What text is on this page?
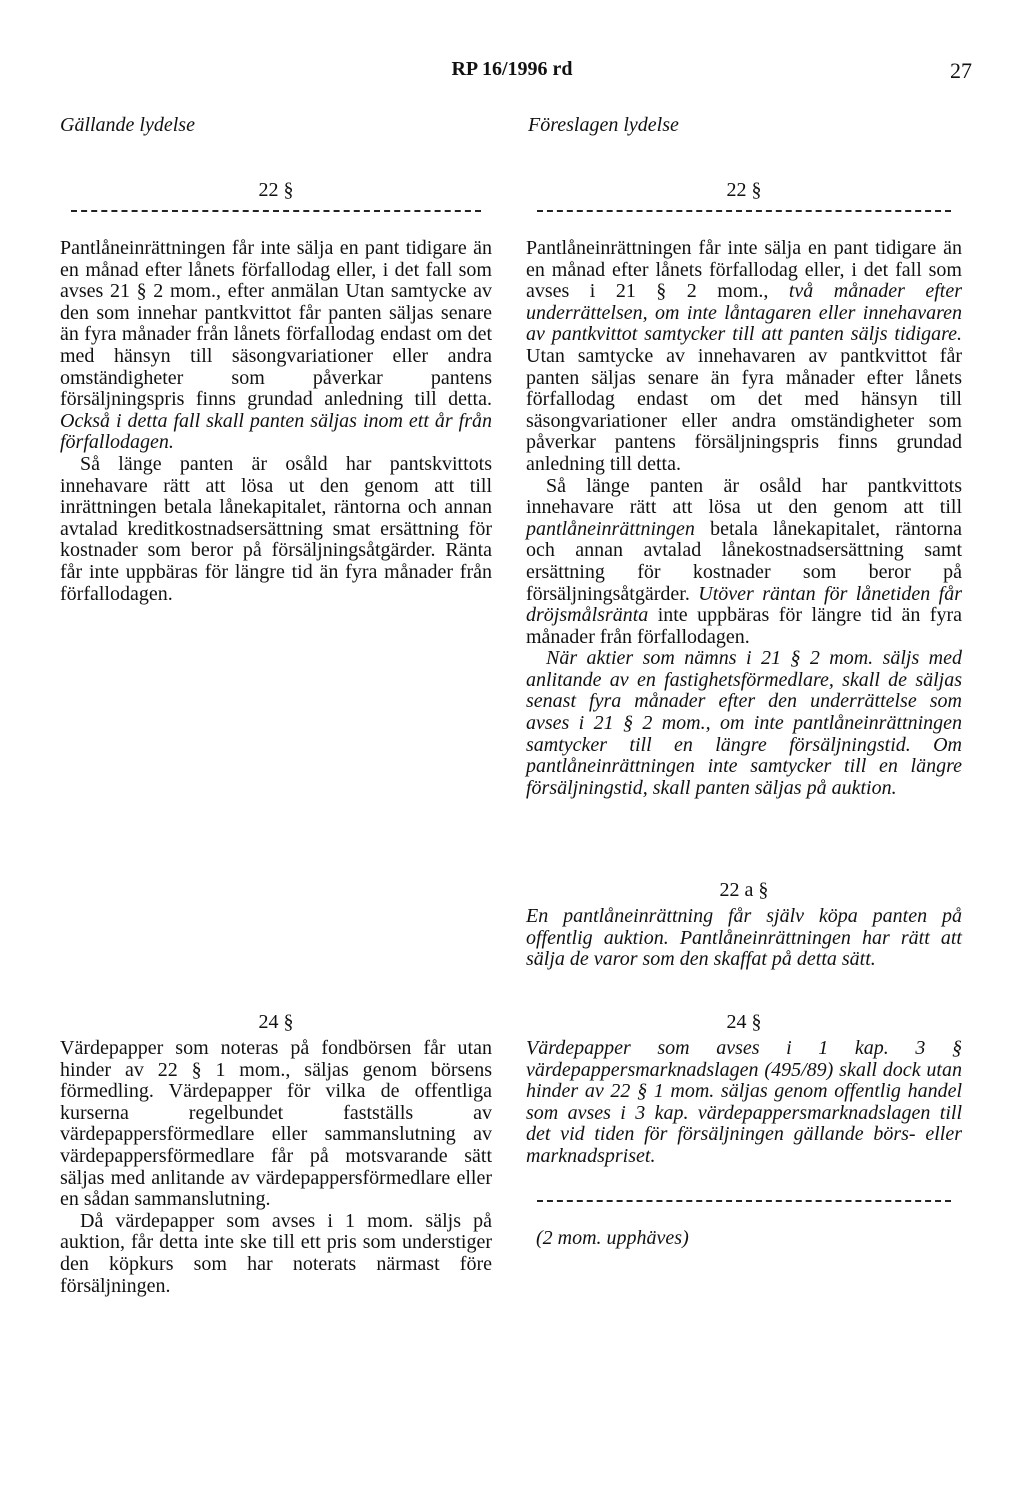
RP 16/1996 rd	27
Gällande lydelse	Föreslagen lydelse
22 §

Pantlåneinrättningen får inte sälja en pant tidigare än en månad efter lånets förfallodag eller, i det fall som avses 21 § 2 mom., efter anmälan Utan samtycke av den som innehar pantkvittot får panten säljas senare än fyra månader från lånets förfallodag endast om det med hänsyn till säsongvariationer eller andra omständigheter som påverkar pantens försäljningspris finns grundad anledning till detta. Också i detta fall skall panten säljas inom ett år från förfallodagen.

Så länge panten är osåld har pantskvittots innehavare rätt att lösa ut den genom att till inrättningen betala lånekapitalet, räntorna och annan avtalad kreditkostnadsersättning smat ersättning för kostnader som beror på försäljningsåtgärder. Ränta får inte uppbäras för längre tid än fyra månader från förfallodagen.

24 §

Värdepapper som noteras på fondbörsen får utan hinder av 22 § 1 mom., säljas genom börsens förmedling. Värdepapper för vilka de offentliga kurserna regelbundet fastställs av värdepappersförmedlare eller sammanslutning av värdepappersförmedlare får på motsvarande sätt säljas med anlitande av värdepappersförmedlare eller en sådan sammanslutning.

Då värdepapper som avses i 1 mom. säljs på auktion, får detta inte ske till ett pris som understiger den köpkurs som har noterats närmast före försäljningen.

22 §

Pantlåneinrättningen får inte sälja en pant tidigare än en månad efter lånets förfallodag eller, i det fall som avses i 21 § 2 mom., två månader efter underrättelsen, om inte låntagaren eller innehavaren av pantkvittot samtycker till att panten säljs tidigare. Utan samtycke av innehavaren av pantkvittot får panten säljas senare än fyra månader efter lånets förfallodag endast om det med hänsyn till säsongvariationer eller andra omständigheter som påverkar pantens försäljningspris finns grundad anledning till detta.

Så länge panten är osåld har pantkvittots innehavare rätt att lösa ut den genom att till pantlåneinrättningen betala lånekapitalet, räntorna och annan avtalad lånekostnadsersättning samt ersättning för kostnader som beror på försäljningsåtgärder. Utöver räntan för lånetiden får dröjsmålsränta inte uppbäras för längre tid än fyra månader från förfallodagen.

När aktier som nämns i 21 § 2 mom. säljs med anlitande av en fastighetsförmedlare, skall de säljas senast fyra månader efter den underrättelse som avses i 21 § 2 mom., om inte pantlåneinrättningen samtycker till en längre försäljningstid. Om pantlåneinrättningen inte samtycker till en längre försäljningstid, skall panten säljas på auktion.

22 a §

En pantlåneinrättning får själv köpa panten på offentlig auktion. Pantlåneinrättningen har rätt att sälja de varor som den skaffat på detta sätt.

24 §

Värdepapper som avses i 1 kap. 3 § värdepappersmarknadslagen (495/89) skall dock utan hinder av 22 § 1 mom. säljas genom offentlig handel som avses i 3 kap. värdepappersmarknadslagen till det vid tiden för försäljningen gällande börs- eller marknadspriset.

(2 mom. upphäves)
